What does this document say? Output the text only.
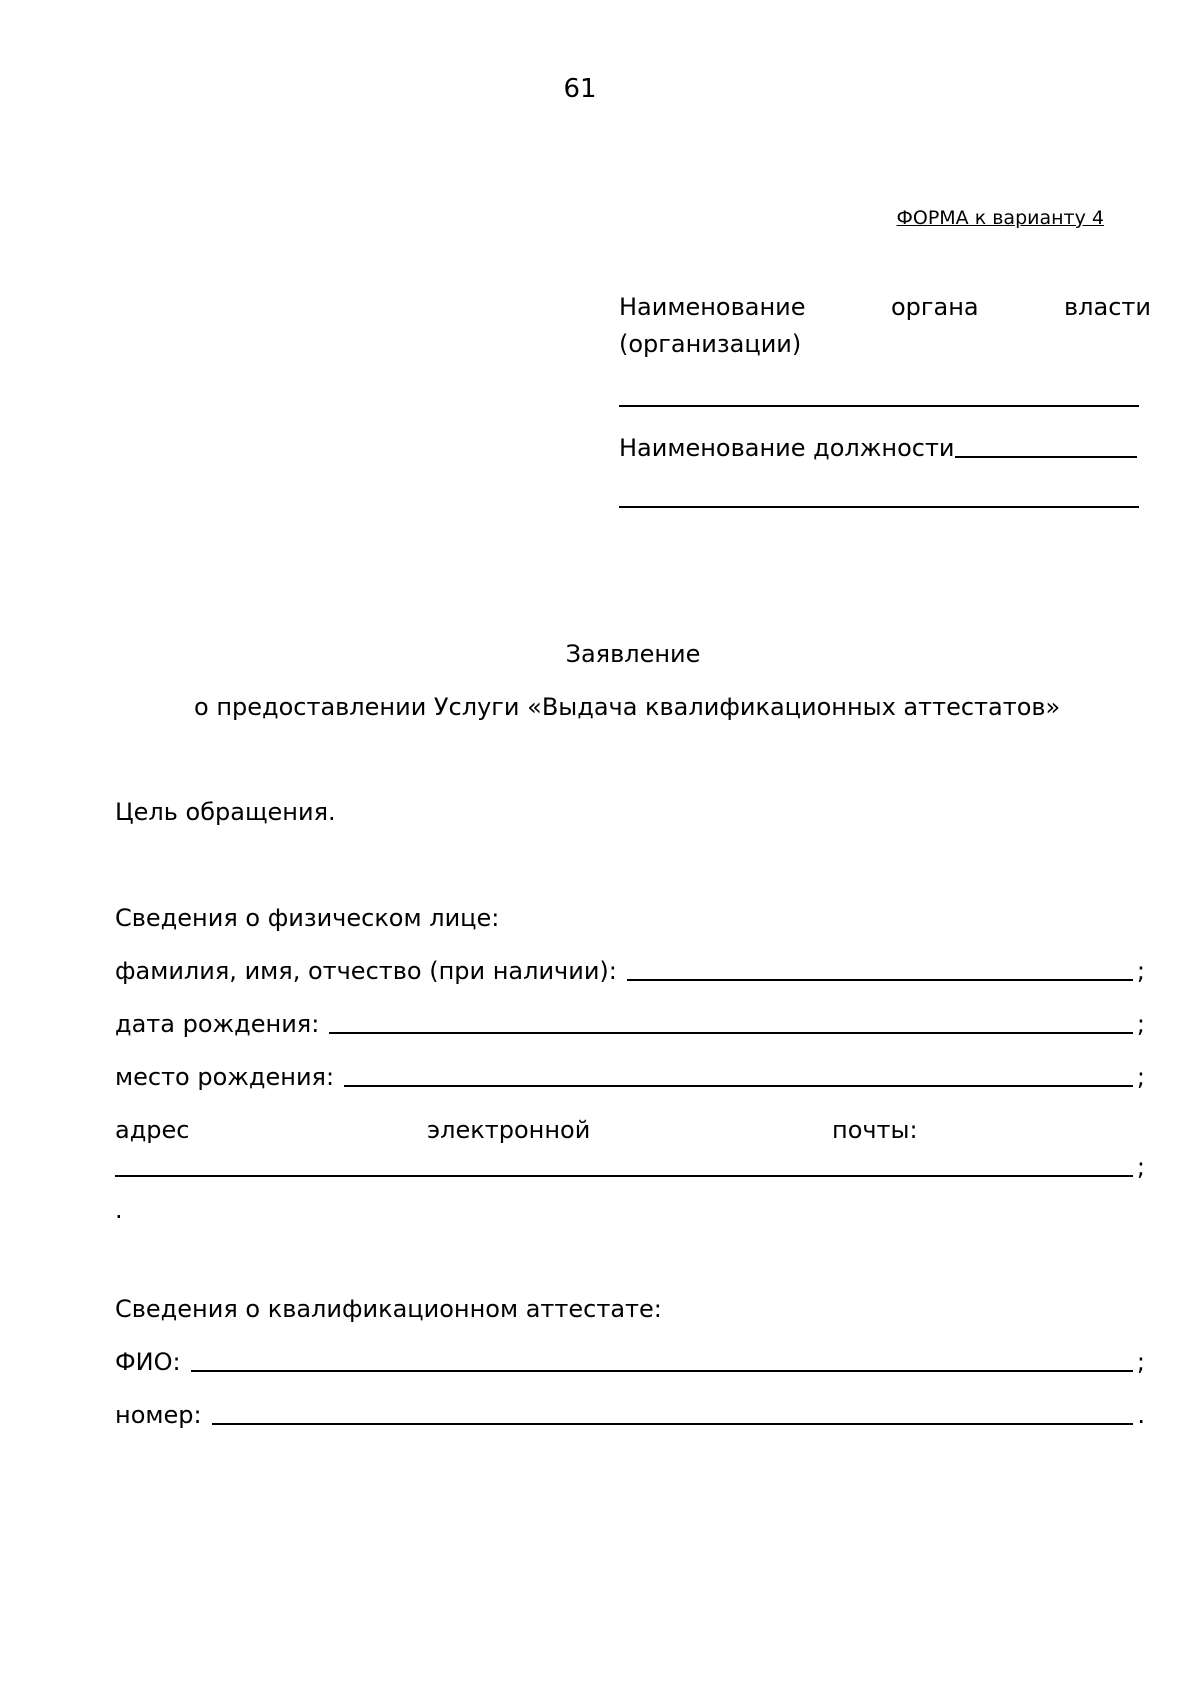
61
ФОРМА к варианту 4
Наименование	органа	власти
(организации)
Наименование должности
Заявление
о предоставлении Услуги «Выдача квалификационных аттестатов»
Цель обращения.
Сведения о физическом лице:
фамилия, имя, отчество (при наличии):	;
дата рождения:	;
место рождения:	;
адрес	электронной	почты:
;
.
Сведения о квалификационном аттестате:
ФИО:	;
номер:	.
